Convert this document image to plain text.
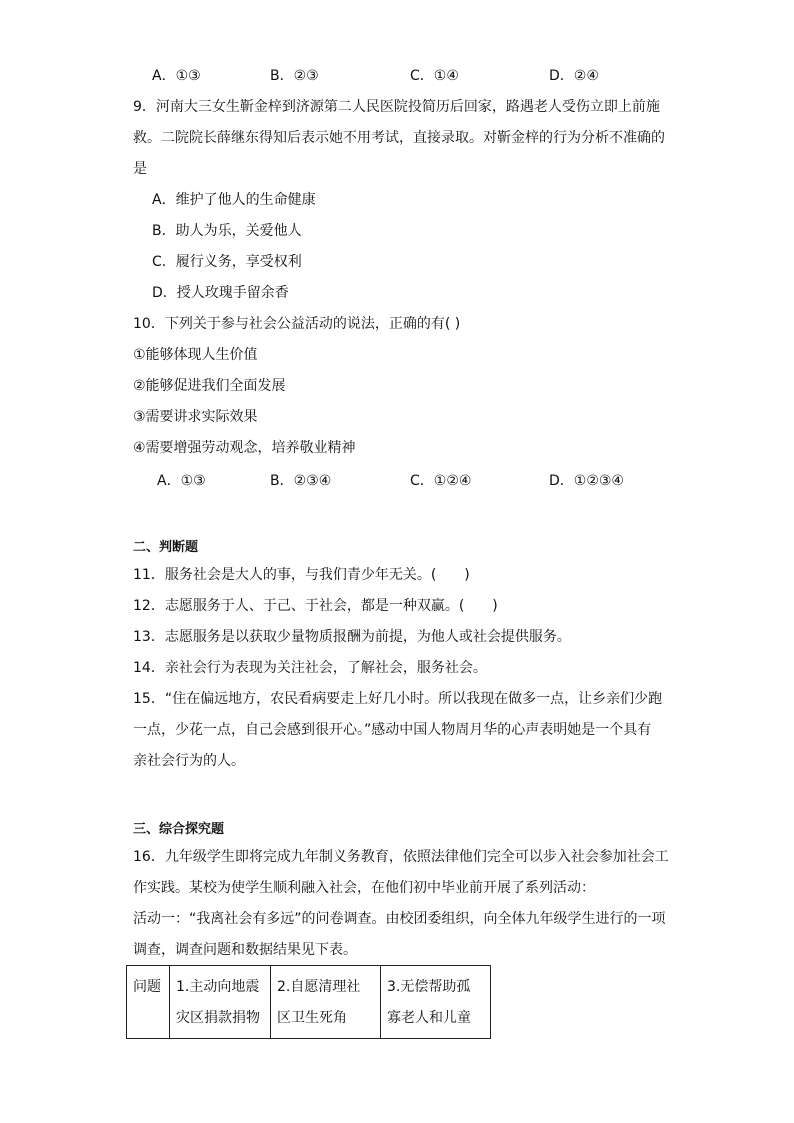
A．①③	B．②③	C．①④	D．②④
9．河南大三女生靳金梓到济源第二人民医院投简历后回家，路遇老人受伤立即上前施
救。二院院长薛继东得知后表示她不用考试，直接录取。对靳金梓的行为分析不准确的
是
A．维护了他人的生命健康
B．助人为乐，关爱他人
C．履行义务，享受权利
D．授人玫瑰手留余香
10．下列关于参与社会公益活动的说法，正确的有( )
①能够体现人生价值
②能够促进我们全面发展
③需要讲求实际效果
④需要增强劳动观念，培养敬业精神
A．①③	B．②③④	C．①②④	D．①②③④
二、判断题
11．服务社会是大人的事，与我们青少年无关。(　　)
12．志愿服务于人、于己、于社会，都是一种双赢。(　　)
13．志愿服务是以获取少量物质报酬为前提，为他人或社会提供服务。
14．亲社会行为表现为关注社会，了解社会，服务社会。
15．“住在偏远地方，农民看病要走上好几小时。所以我现在做多一点，让乡亲们少跑
一点，少花一点，自己会感到很开心。”感动中国人物周月华的心声表明她是一个具有
亲社会行为的人。
三、综合探究题
16．九年级学生即将完成九年制义务教育，依照法律他们完全可以步入社会参加社会工
作实践。某校为使学生顺利融入社会，在他们初中毕业前开展了系列活动：
活动一：“我离社会有多远”的问卷调查。由校团委组织，向全体九年级学生进行的一项
调查，调查问题和数据结果见下表。
问题	1.主动向地震灾区捐款捐物	2.自愿清理社区卫生死角	3.无偿帮助孤寡老人和儿童
